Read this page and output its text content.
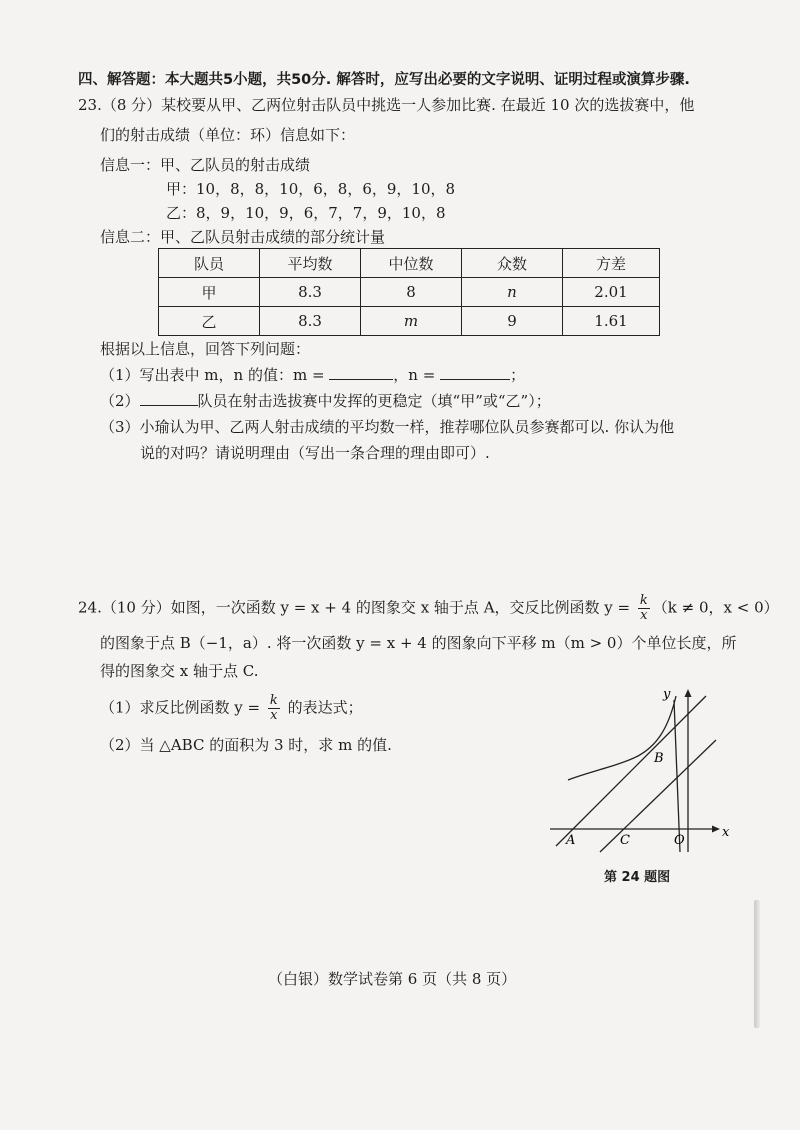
四、解答题：本大题共5小题，共50分. 解答时，应写出必要的文字说明、证明过程或演算步骤.
23.（8 分）某校要从甲、乙两位射击队员中挑选一人参加比赛. 在最近 10 次的选拔赛中，他
们的射击成绩（单位：环）信息如下：
信息一：甲、乙队员的射击成绩
甲：10，8，8，10，6，8，6，9，10，8
乙：8，9，10，9，6，7，7，9，10，8
信息二：甲、乙队员射击成绩的部分统计量
队员	平均数	中位数	众数	方差
甲	8.3	8	n	2.01
乙	8.3	m	9	1.61
根据以上信息，回答下列问题：
（1）写出表中 m，n 的值：m =	，n =	；
（2）	队员在射击选拔赛中发挥的更稳定（填“甲”或“乙”）；
（3）小瑜认为甲、乙两人射击成绩的平均数一样，推荐哪位队员参赛都可以. 你认为他
说的对吗？请说明理由（写出一条合理的理由即可）.
24.（10 分）如图，一次函数 y = x + 4 的图象交 x 轴于点 A，交反比例函数 $y = \frac{k}{x} (k \ne 0$，x < 0）
的图象于点 B（−1，a）. 将一次函数 y = x + 4 的图象向下平移 m（m > 0）个单位长度，所
得的图象交 x 轴于点 C.
（1）求反比例函数 $y = \frac{k}{x}$ 的表达式；
（2）当 △ABC 的面积为 3 时，求 m 的值.
y
x
A
B
C	O
第 24 题图
（白银）数学试卷第 6 页（共 8 页）
